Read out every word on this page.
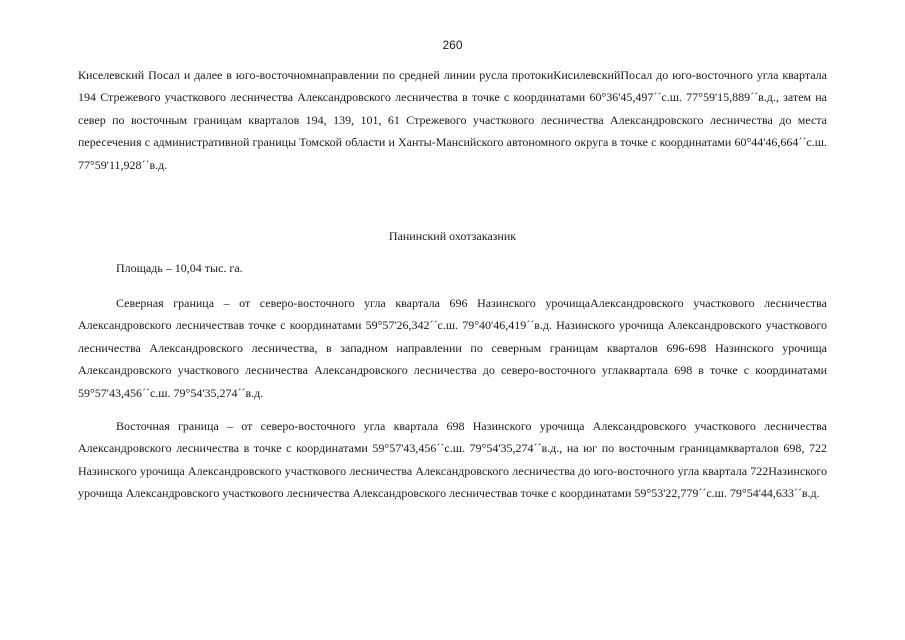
260

Киселевский Посал и далее в юго-восточномнаправлении по средней линии русла протокиКисилевскийПосал до юго-восточного угла квартала 194 Стрежевого участкового лесничества Александровского лесничества в точке с координатами 60°36'45,497´´с.ш. 77°59'15,889´´в.д., затем на север по восточным границам кварталов 194, 139, 101, 61 Стрежевого участкового лесничества Александровского лесничества до места пересечения с административной границы Томской области и Ханты-Мансийского автономного округа в точке с координатами 60°44'46,664´´с.ш. 77°59'11,928´´в.д.

Панинский охотзаказник

Площадь – 10,04 тыс. га.

Северная граница – от северо-восточного угла квартала 696 Назинского урочищаАлександровского участкового лесничества Александровского лесничествав точке с координатами 59°57'26,342´´с.ш. 79°40'46,419´´в.д. Назинского урочища Александровского участкового лесничества Александровского лесничества, в западном направлении по северным границам кварталов 696-698 Назинского урочища Александровского участкового лесничества Александровского лесничества до северо-восточного углаквартала 698 в точке с координатами 59°57'43,456´´с.ш. 79°54'35,274´´в.д.

Восточная граница – от северо-восточного угла квартала 698 Назинского урочища Александровского участкового лесничества Александровского лесничества в точке с координатами 59°57'43,456´´с.ш. 79°54'35,274´´в.д., на юг по восточным границамкварталов 698, 722 Назинского урочища Александровского участкового лесничества Александровского лесничества до юго-восточного угла квартала 722Назинского урочища Александровского участкового лесничества Александровского лесничествав точке с координатами 59°53'22,779´´с.ш. 79°54'44,633´´в.д.
